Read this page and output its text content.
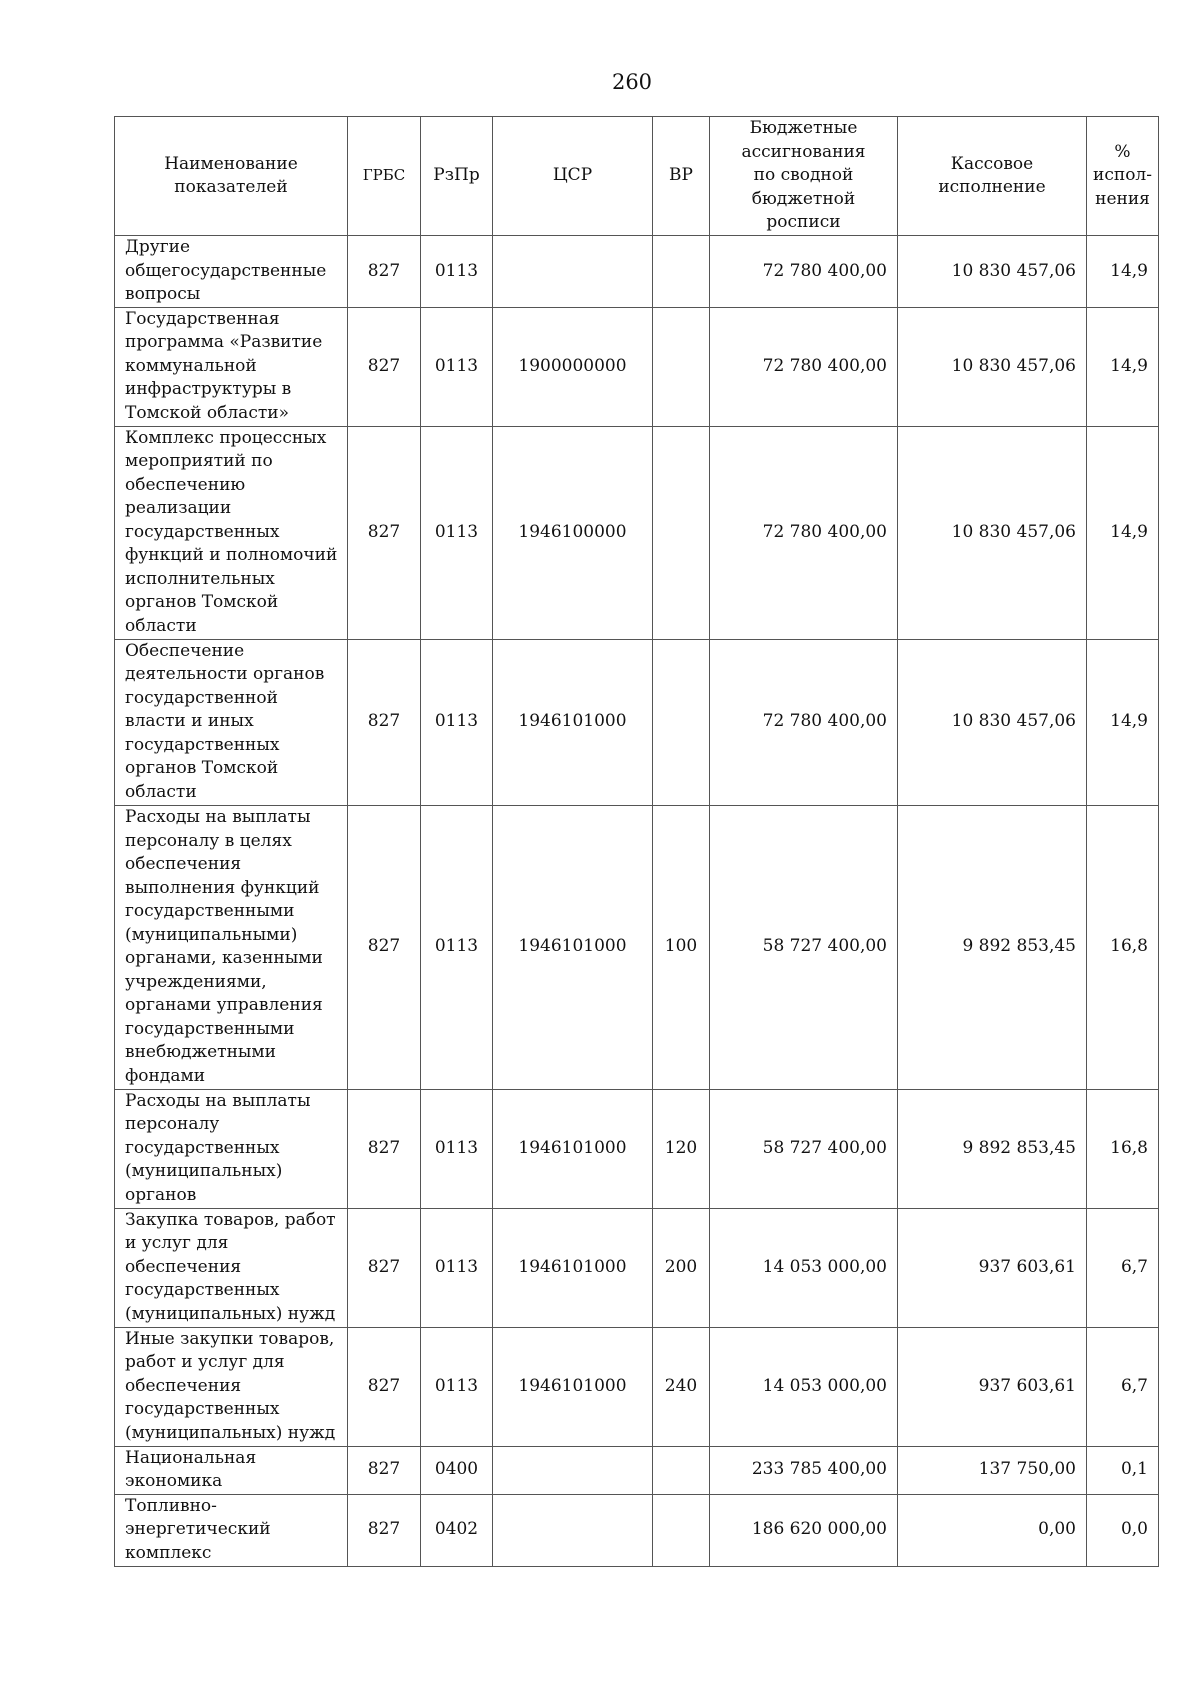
260
Наименование показателей	ГРБС	РзПр	ЦСР	ВР	Бюджетные ассигнования по сводной бюджетной росписи	Кассовое исполнение	% испол-нения
Другие общегосударственные вопросы	827	0113			72 780 400,00	10 830 457,06	14,9
Государственная программа «Развитие коммунальной инфраструктуры в Томской области»	827	0113	1900000000		72 780 400,00	10 830 457,06	14,9
Комплекс процессных мероприятий по обеспечению реализации государственных функций и полномочий исполнительных органов Томской области	827	0113	1946100000		72 780 400,00	10 830 457,06	14,9
Обеспечение деятельности органов государственной власти и иных государственных органов Томской области	827	0113	1946101000		72 780 400,00	10 830 457,06	14,9
Расходы на выплаты персоналу в целях обеспечения выполнения функций государственными (муниципальными) органами, казенными учреждениями, органами управления государственными внебюджетными фондами	827	0113	1946101000	100	58 727 400,00	9 892 853,45	16,8
Расходы на выплаты персоналу государственных (муниципальных) органов	827	0113	1946101000	120	58 727 400,00	9 892 853,45	16,8
Закупка товаров, работ и услуг для обеспечения государственных (муниципальных) нужд	827	0113	1946101000	200	14 053 000,00	937 603,61	6,7
Иные закупки товаров, работ и услуг для обеспечения государственных (муниципальных) нужд	827	0113	1946101000	240	14 053 000,00	937 603,61	6,7
Национальная экономика	827	0400			233 785 400,00	137 750,00	0,1
Топливно-энергетический комплекс	827	0402			186 620 000,00	0,00	0,0
